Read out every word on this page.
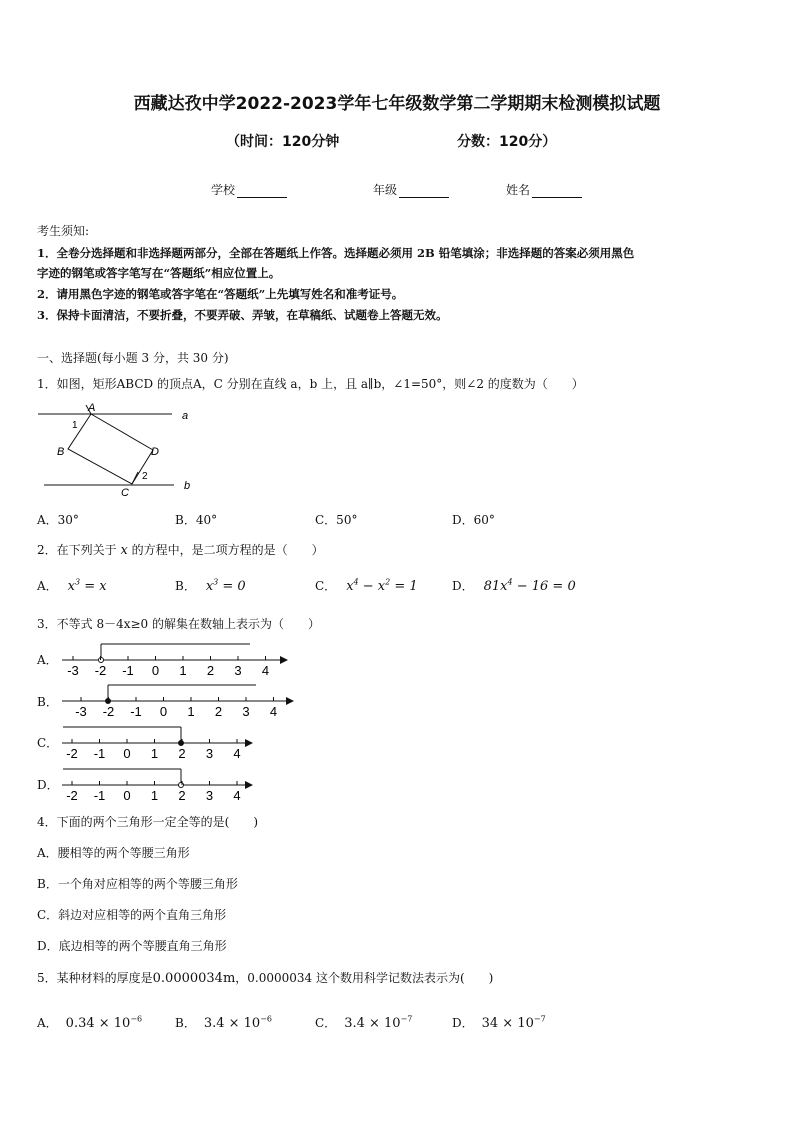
西藏达孜中学2022-2023学年七年级数学第二学期期末检测模拟试题
（时间：120分钟	分数：120分）
学校	年级	姓名
考生须知:
1．全卷分选择题和非选择题两部分，全部在答题纸上作答。选择题必须用 2B 铅笔填涂；非选择题的答案必须用黑色
字迹的钢笔或答字笔写在“答题纸”相应位置上。
2．请用黑色字迹的钢笔或答字笔在“答题纸”上先填写姓名和准考证号。
3．保持卡面清洁，不要折叠，不要弄破、弄皱，在草稿纸、试题卷上答题无效。
一、选择题(每小题 3 分，共 30 分)
1．如图，矩形ABCD 的顶点A，C 分别在直线 a，b 上，且 a∥b，∠1=50°，则∠2 的度数为（　　）
A
B
C
D
a
b
1
2
A．30°	B．40°	C．50°	D．60°
2．在下列关于 x 的方程中，是二项方程的是（　　）
A． $x^3 = x$	B． $x^3 = 0$	C． $x^4 - x^2 = 1$	D． $81x^4 - 16 = 0$
3．不等式 8－4x≥0 的解集在数轴上表示为（　　）
A．
-3 -2 -1 0 1 2 3 4
B．
-3 -2 -1 0 1 2 3 4
C．
-2 -1 0 1 2 3 4
D．
-2 -1 0 1 2 3 4
4．下面的两个三角形一定全等的是(　　)
A．腰相等的两个等腰三角形
B．一个角对应相等的两个等腰三角形
C．斜边对应相等的两个直角三角形
D．底边相等的两个等腰直角三角形
5．某种材料的厚度是0.0000034m，0.0000034 这个数用科学记数法表示为(　　)
A． $0.34 \times 10^{-6}$	B． $3.4 \times 10^{-6}$	C． $3.4 \times 10^{-7}$	D． $34 \times 10^{-7}$
